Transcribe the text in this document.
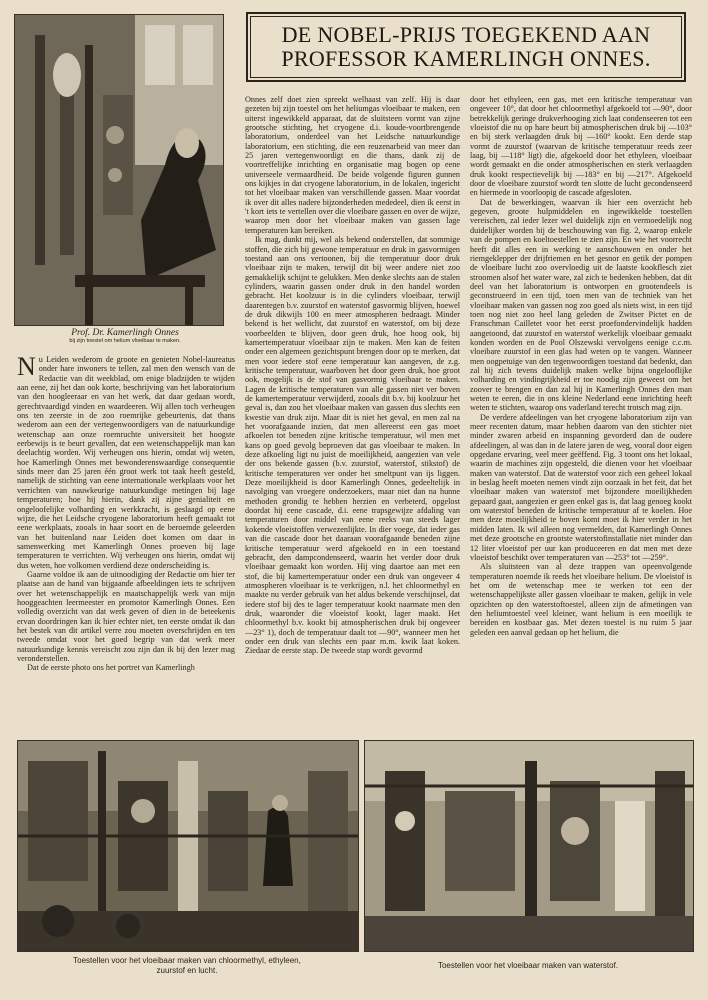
Prof. Dr. Kamerlingh Onnes
bij zijn toestel om helium vloeibaar te maken.
DE NOBEL-PRIJS TOEGEKEND AAN
PROFESSOR KAMERLINGH ONNES.

Nu Leiden wederom de groote en genieten Nobel-laureatus onder hare inwoners te tellen, zal men den wensch van de Redactie van dit weekblad, om enige bladzijden te wijden aan eene, zij het dan ook korte, beschrijving van het laboratorium van den hoogleeraar en van het werk, dat daar gedaan wordt, gerechtvaardigd vinden en waardeeren. Wij allen toch verheugen ons ten zeerste in de zoo roemrijke gebeurtenis, dat thans wederom aan een der vertegenwoordigers van de natuurkundige wetenschap aan onze roemruchte universiteit het hoogste eerbewijs is te beurt gevallen, dat een wetenschappelijk man kan deelachtig worden. Wij verheugen ons hierin, omdat wij weten, hoe Kamerlingh Onnes met bewonderenswaardige consequentie sinds meer dan 25 jaren één groot werk tot taak heeft gesteld, namelijk de stichting van eene internationale werkplaats voor het verrichten van nauwkeurige natuurkundige metingen bij lage temperaturen; hoe hij hierin, dank zij zijne genialiteit en ongeloofelijke volharding en werkkracht, is geslaagd op eene wijze, die het Leidsche cryogene laboratorium heeft gemaakt tot eene werkplaats, zooals in haar soort en de beroemde geleerden van het buitenland naar Leiden doet komen om daar in samenwerking met Kamerlingh Onnes proeven bij lage temperaturen te verrichten. Wij verheugen ons hierin, omdat wij dus weten, hoe volkomen verdiend deze onderscheiding is.

Gaarne voldoe ik aan de uitnoodiging der Redactie om hier ter plaatse aan de hand van bijgaande afbeeldingen iets te schrijven over het wetenschappelijk en maatschappelijk werk van mijn hooggeachten leermeester en promotor Kamerlingh Onnes. Een volledig overzicht van dat werk geven of dien in de beteekenis ervan doordringen kan ik hier echter niet, ten eerste omdat ik dan het bestek van dit artikel verre zou moeten overschrijden en ten tweede omdat voor het goed begrip van dat werk meer natuurkundige kennis vereischt zou zijn dan ik bij den lezer mag veronderstellen.

Dat de eerste photo ons het portret van Kamerlingh

Onnes zelf doet zien spreekt welhaast van zelf. Hij is daar gezeten bij zijn toestel om het heliumgas vloeibaar te maken, een uiterst ingewikkeld apparaat, dat de sluitsteen vormt van zijne grootsche stichting, het cryogene d.i. koude-voortbrengende laboratorium, onderdeel van het Leidsche natuurkundige laboratorium, een stichting, die een reuzenarbeid van meer dan 25 jaren vertegenwoordigt en die thans, dank zij de voortreffelijke inrichting en organisatie mag bogen op eene universeele vermaardheid. De beide volgende figuren gunnen ons kijkjes in dat cryogene laboratorium, in de lokalen, ingericht tot het vloeibaar maken van verschillende gassen. Maar voordat ik over dit alles nadere bijzonderheden mededeel, dien ik eerst in 't kort iets te vertellen over die vloeibare gassen en over de wijze, waarop men door het vloeibaar maken van gassen lage temperaturen kan bereiken.

Ik mag, dunkt mij, wel als bekend onderstellen, dat sommige stoffen, die zich bij gewone temperatuur en druk in gasvormigen toestand aan ons vertoonen, bij die temperatuur door druk vloeibaar zijn te maken, terwijl dit bij weer andere niet zoo gemakkelijk schijnt te gelukken. Men denke slechts aan de stalen cylinders, waarin gassen onder druk in den handel worden gebracht. Het koolzuur is in die cylinders vloeibaar, terwijl daarentegen b.v. zuurstof en waterstof gasvormig blijven, hoewel de druk dikwijls 100 en meer atmospheren bedraagt. Minder bekend is het wellicht, dat zuurstof en waterstof, om bij deze voorbeelden te blijven, door geen druk, hoe hoog ook, bij kamertemperatuur vloeibaar zijn te maken. Men kan de feiten onder een algemeen gezichtspunt brengen door op te merken, dat men voor iedere stof eene temperatuur kan aangeven, de z.g. kritische temperatuur, waarboven het door geen druk, hoe groot ook, mogelijk is de stof van gasvormig vloeibaar te maken. Lagen de kritische temperaturen van alle gassen niet ver boven de kamertemperatuur verwijderd, zooals dit b.v. bij koolzuur het geval is, dan zou het vloeibaar maken van gassen dus slechts een kwestie van druk zijn. Maar dit is niet het geval, en men zal na het voorafgaande inzien, dat men allereerst een gas moet afkoelen tot beneden zijne kritische temperatuur, wil men met kans op goed gevolg beproeven dat gas vloeibaar te maken. In deze afkoeling ligt nu juist de moeilijkheid, aangezien van vele der ons bekende gassen (b.v. zuurstof, waterstof, stikstof) de kritische temperaturen ver onder het smeltpunt van ijs liggen. Deze moeilijkheid is door Kamerlingh Onnes, gedeeltelijk in navolging van vroegere onderzoekers, maar niet dan na hunne methoden grondig te hebben herzien en verbeterd, opgelost doordat hij eene cascade, d.i. eene trapsgewijze afdaling van temperaturen door middel van eene reeks van steeds lager kokende vloeistoffen verwezenlijkte. In dier voege, dat ieder gas van die cascade door het daaraan voorafgaande beneden zijne kritische temperatuur werd afgekoeld en in een toestand gebracht, den dampcondenseerd, waarin het verder door druk vloeibaar gemaakt kon worden. Hij ving daartoe aan met een stof, die bij kamertemperatuur onder een druk van ongeveer 4 atmospheren vloeibaar is te verkrijgen, n.l. het chloormethyl en maakte nu verder gebruik van het aldus bekende verschijnsel, dat iedere stof bij des te lager temperatuur kookt naarmate men den druk, waaronder die vloeistof kookt, lager maakt. Het chloormethyl b.v. kookt bij atmospherischen druk bij ongeveer —23° 1), doch de temperatuur daalt tot —90°, wanneer men het onder een druk van slechts een paar m.m. kwik laat koken. Ziedaar de eerste stap. De tweede stap wordt gevormd

door het ethyleen, een gas, met een kritische temperatuur van ongeveer 10°, dat door het chloormethyl afgekoeld tot —90°, door betrekkelijk geringe drukverhooging zich laat condenseeren tot een vloeistof die nu op hare beurt bij atmospherischen druk bij —103° en bij sterk verlaagden druk bij —160° kookt. Een derde stap vormt de zuurstof (waarvan de kritische temperatuur reeds zeer laag, bij —118° ligt) die, afgekoeld door het ethyleen, vloeibaar wordt gemaakt en die onder atmospherischen en sterk verlaagden druk kookt respectievelijk bij —183° en bij —217°. Afgekoeld door de vloeibare zuurstof wordt ten slotte de lucht gecondenseerd en hiermede in voorloopig de cascade afgesloten.

Dat de bewerkingen, waarvan ik hier een overzicht heb gegeven, groote hulpmiddelen en ingewikkelde toestellen vereischen, zal ieder lezer wel duidelijk zijn en vermoedelijk nog duidelijker worden bij de beschouwing van fig. 2, waarop enkele van de pompen en koeltoestellen te zien zijn. En wie het voorrecht heeft dit alles een in werking te aanschouwen en onder het riemgeklepper der drijfriemen en het gesnor en getik der pompen de vloeibare lucht zoo overvloedig uit de laatste kookflesch ziet stroomen alsof het water ware, zal zich te bedenken hebben, dat dit deel van het laboratorium is ontworpen en grootendeels is geconstrueerd in een tijd, toen men van de techniek van het vloeibaar maken van gassen nog zoo goed als niets wist, in een tijd toen nog niet zoo heel lang geleden de Zwitser Pictet en de Franschman Cailletet voor het eerst proefondervindelijk hadden aangetoond, dat zuurstof en waterstof werkelijk vloeibaar gemaakt konden worden en de Pool Olszewski vervolgens eenige c.c.m. vloeibare zuurstof in een glas had weten op te vangen. Wanneer men oogpetuige van den tegenwoordigen toestand dat bedenkt, dan zal hij zich tevens duidelijk maken welke bijna ongelooflijke volharding en vindingrijkheid er toe noodig zijn geweest om het zoover te brengen en dan zal hij in Kamerlingh Onnes den man weten te eeren, die in ons kleine Nederland eene inrichting heeft weten te stichten, waarop ons vaderland terecht trotsch mag zijn.

De verdere afdeelingen van het cryogene laboratorium zijn van meer recenten datum, maar hebben daarom van den stichter niet minder zwaren arbeid en inspanning gevorderd dan de oudere afdeelingen, al was dan in de latere jaren de weg, vooral door eigen opgedane ervaring, veel meer geëffend. Fig. 3 toont ons het lokaal, waarin de machines zijn opgesteld, die dienen voor het vloeibaar maken van waterstof. Dat de waterstof voor zich een geheel lokaal in beslag heeft moeten nemen vindt zijn oorzaak in het feit, dat het vloeibaar maken van waterstof met bijzondere moeilijkheden gepaard gaat, aangezien er geen enkel gas is, dat laag genoeg kookt om waterstof beneden de kritische temperatuur af te koelen. Hoe men deze moeilijkheid te boven komt moet ik hier verder in het midden laten. Ik wil alleen nog vermelden, dat Kamerlingh Onnes met deze grootsche en grootste waterstofinstallatie niet minder dan 12 liter vloeistof per uur kan produceeren en dat men met deze vloeistof beschikt over temperaturen van —253° tot —259°.

Als sluitsteen van al deze trappen van opeenvolgende temperaturen noemde ik reeds het vloeibare helium. De vloeistof is het om de wetenschap mee te werken tot een der wetenschappelijkste aller gassen vloeibaar te maken, gelijk in vele opzichten op den waterstoftoestel, alleen zijn de afmetingen van den heliumtoestel veel kleiner, want helium is een moeilijk te bereiden en kostbaar gas. Met dezen toestel is nu ruim 5 jaar geleden een aanval gedaan op het helium, die

Toestellen voor het vloeibaar maken van chloormethyl, ethyleen,
zuurstof en lucht.	Toestellen voor het vloeibaar maken van waterstof.
